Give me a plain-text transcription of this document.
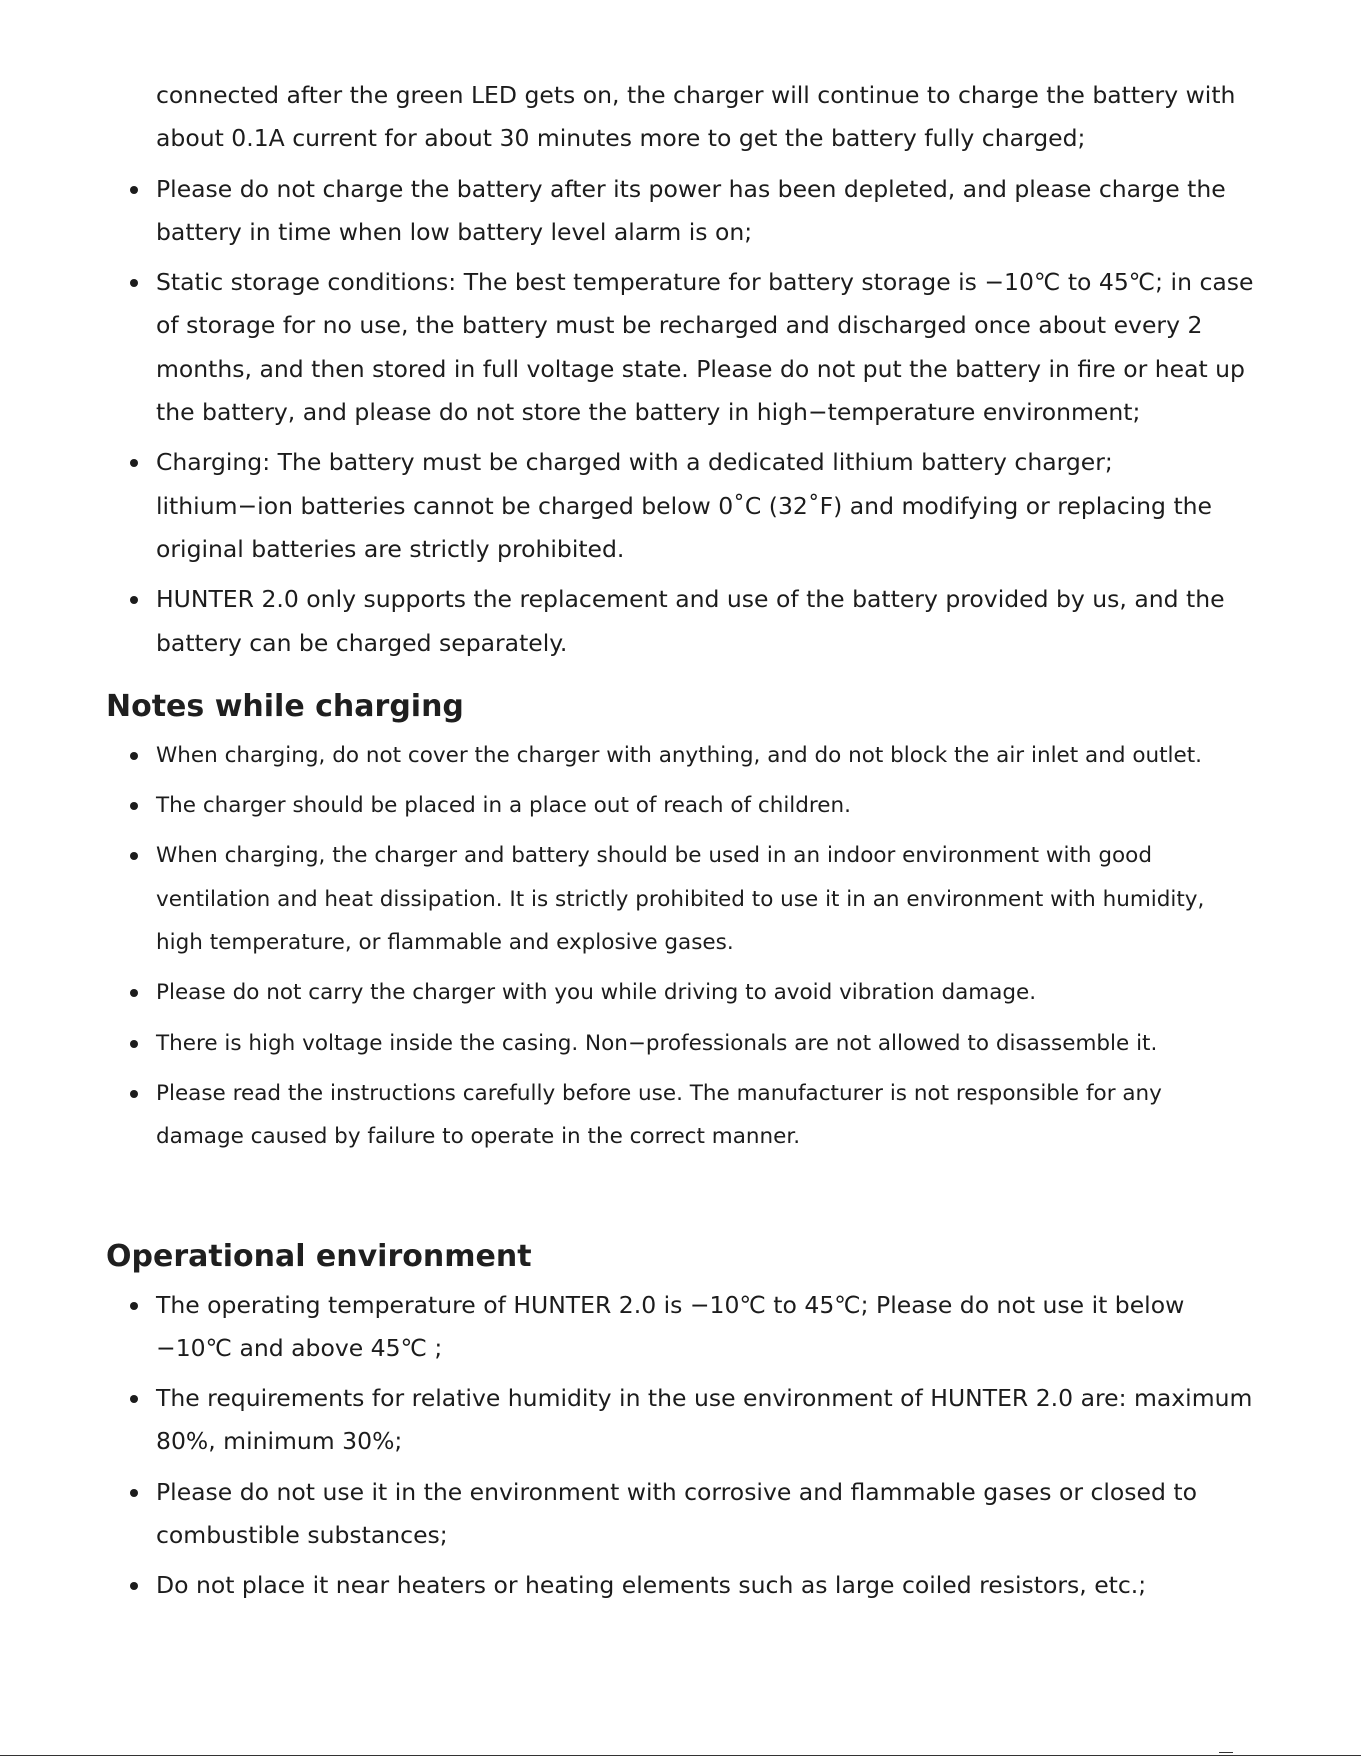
connected after the green LED gets on, the charger will continue to charge the battery with about 0.1A current for about 30 minutes more to get the battery fully charged;

Please do not charge the battery after its power has been depleted, and please charge the battery in time when low battery level alarm is on;
Static storage conditions: The best temperature for battery storage is −10℃ to 45℃; in case of storage for no use, the battery must be recharged and discharged once about every 2 months, and then stored in full voltage state. Please do not put the battery in fire or heat up the battery, and please do not store the battery in high−temperature environment;
Charging: The battery must be charged with a dedicated lithium battery charger; lithium−ion batteries cannot be charged below 0˚C (32˚F) and modifying or replacing the original batteries are strictly prohibited.
HUNTER 2.0 only supports the replacement and use of the battery provided by us, and the battery can be charged separately.
Notes while charging
When charging, do not cover the charger with anything, and do not block the air inlet and outlet.
The charger should be placed in a place out of reach of children.
When charging, the charger and battery should be used in an indoor environment with good ventilation and heat dissipation. It is strictly prohibited to use it in an environment with humidity, high temperature, or flammable and explosive gases.
Please do not carry the charger with you while driving to avoid vibration damage.
There is high voltage inside the casing. Non−professionals are not allowed to disassemble it.
Please read the instructions carefully before use. The manufacturer is not responsible for any damage caused by failure to operate in the correct manner.
Operational environment
The operating temperature of HUNTER 2.0 is −10℃ to 45℃; Please do not use it below −10℃ and above 45℃ ;
The requirements for relative humidity in the use environment of HUNTER 2.0 are: maximum 80%, minimum 30%;
Please do not use it in the environment with corrosive and flammable gases or closed to combustible substances;
Do not place it near heaters or heating elements such as large coiled resistors, etc.;
